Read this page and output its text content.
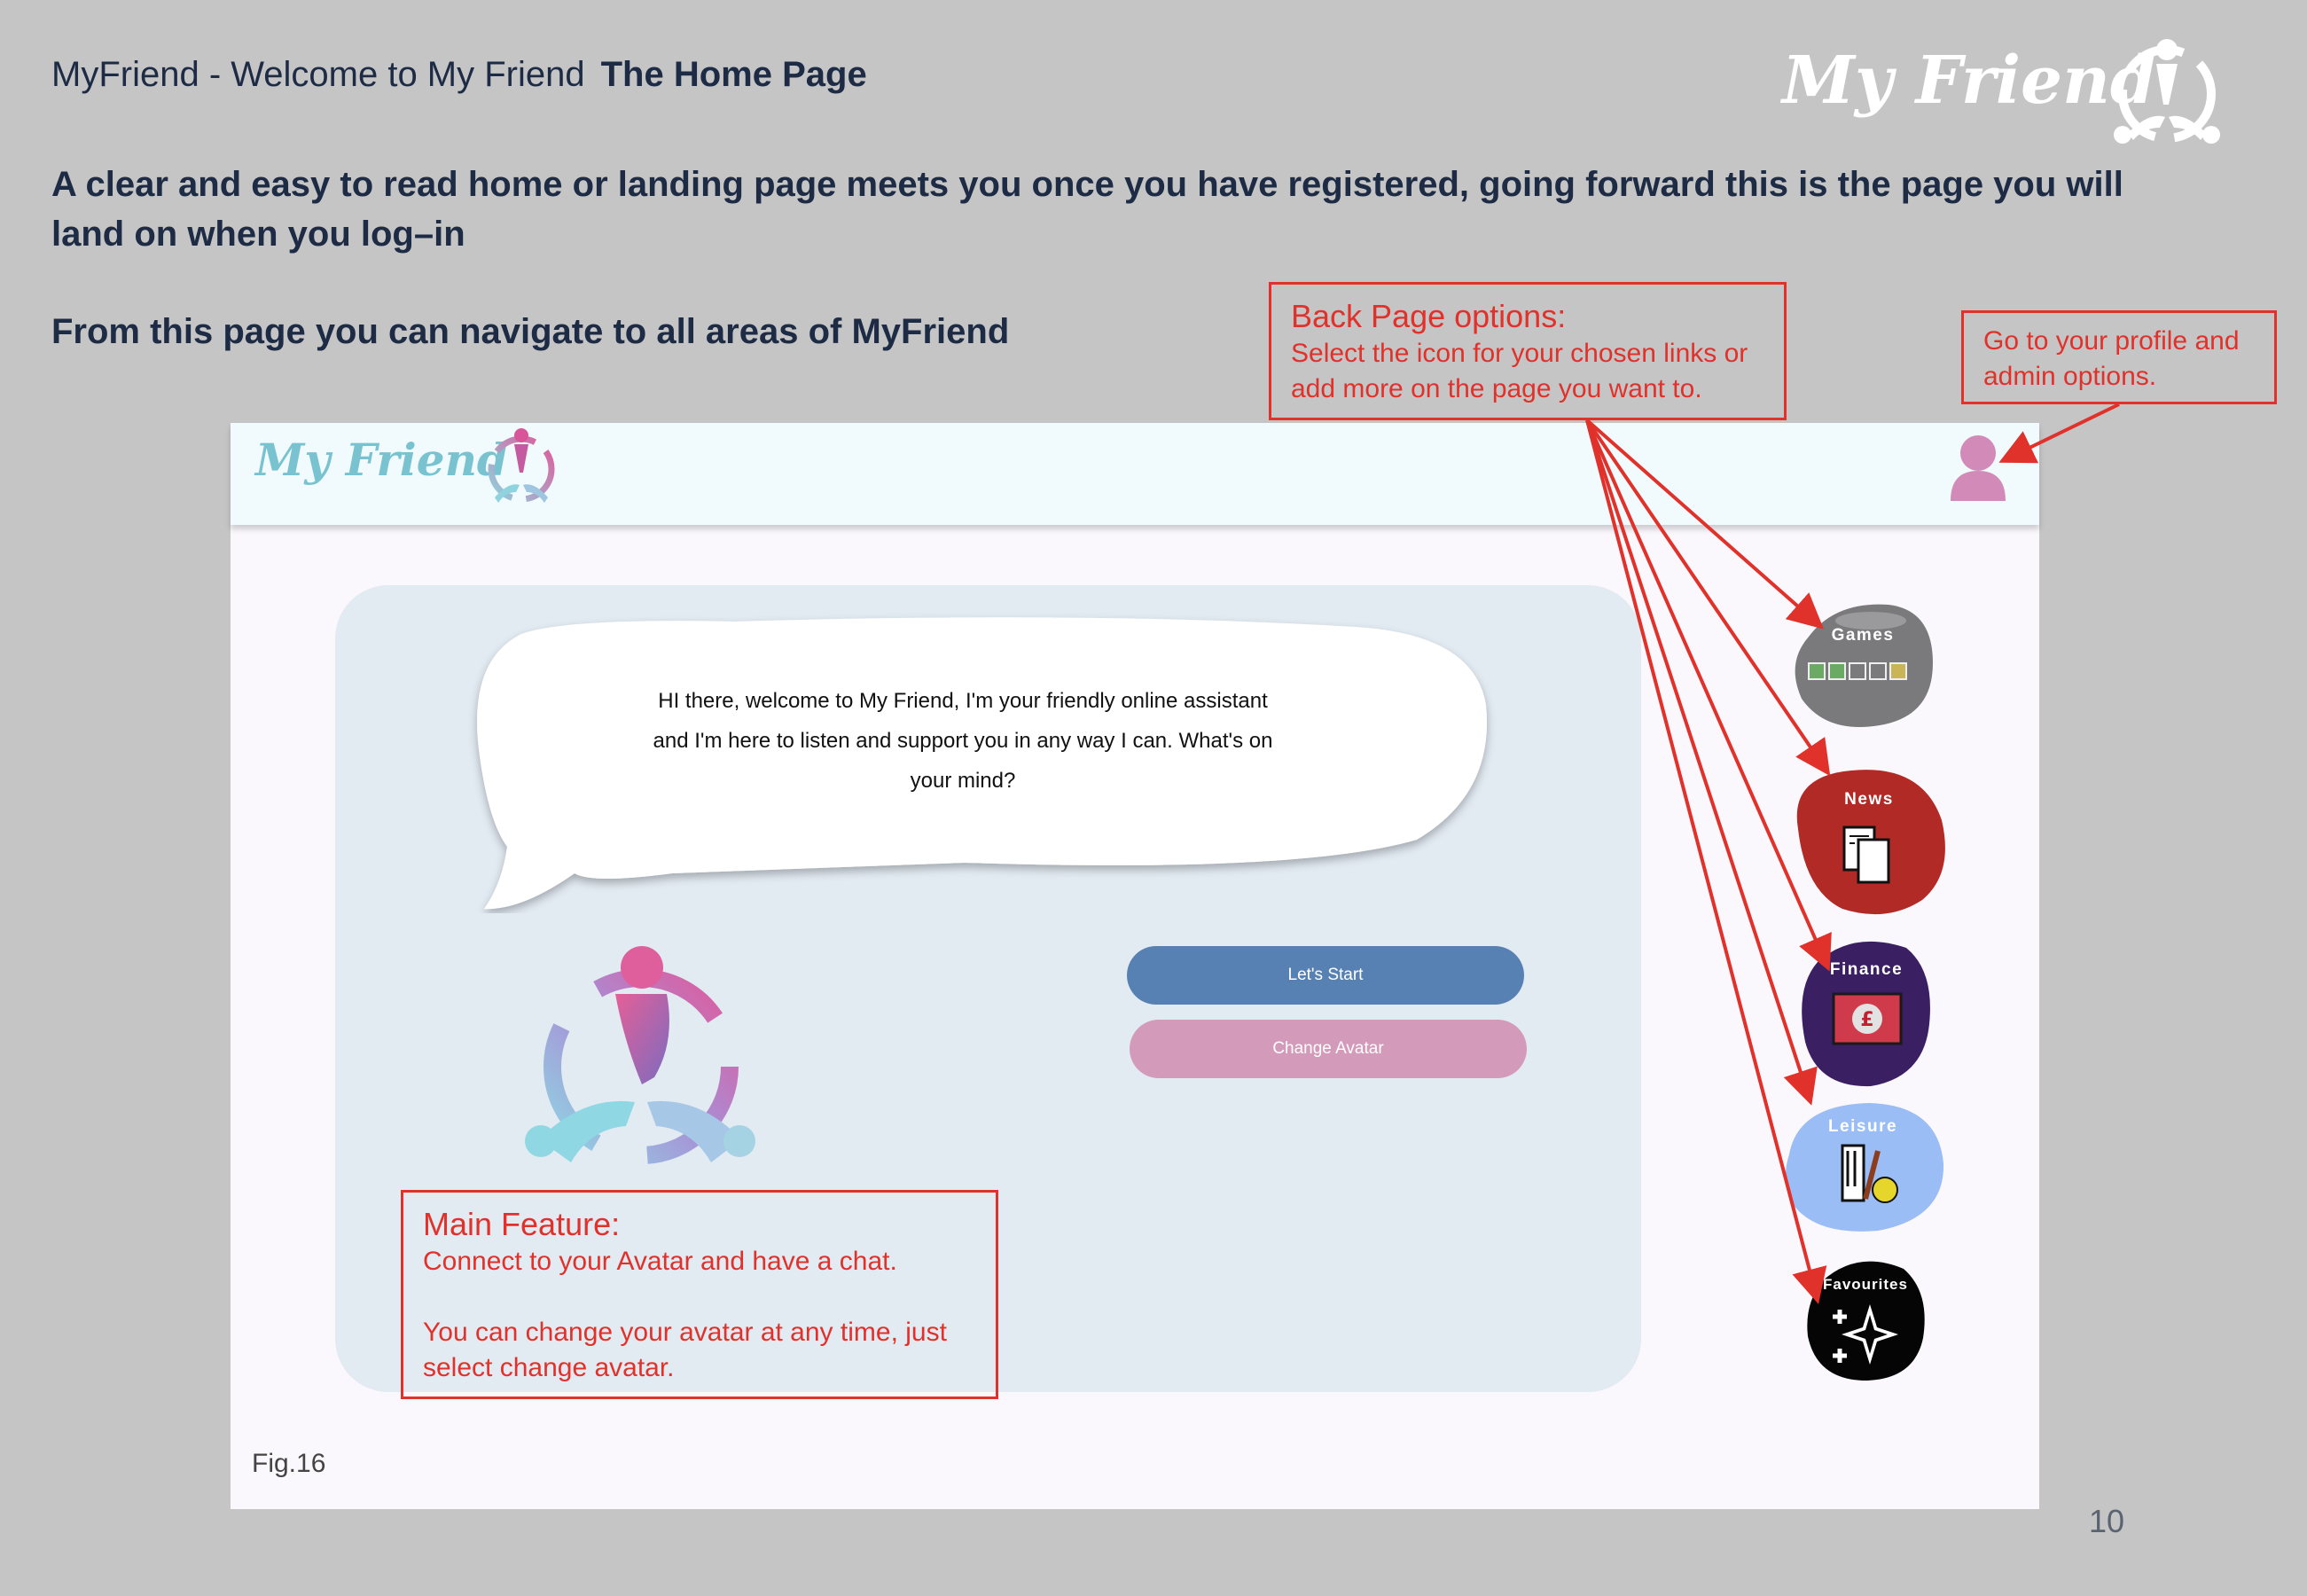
MyFriend - Welcome to My Friend The Home Page
A clear and easy to read home or landing page meets you once you have registered, going forward this is the page you will
land on when you log–in
From this page you can navigate to all areas of MyFriend
My Friend
My Friend
HI there, welcome to My Friend, I'm your friendly online assistant
and I'm here to listen and support you in any way I can. What's on
your mind?
Let's Start
Change Avatar
Games
News
£
Finance
Leisure
Favourites
Fig.16
Back Page options:
Select the icon for your chosen links or
add more on the page you want to.
Go to your profile and
admin options.
Main Feature:
Connect to your Avatar and have a chat.
You can change your avatar at any time, just
select change avatar.
10
